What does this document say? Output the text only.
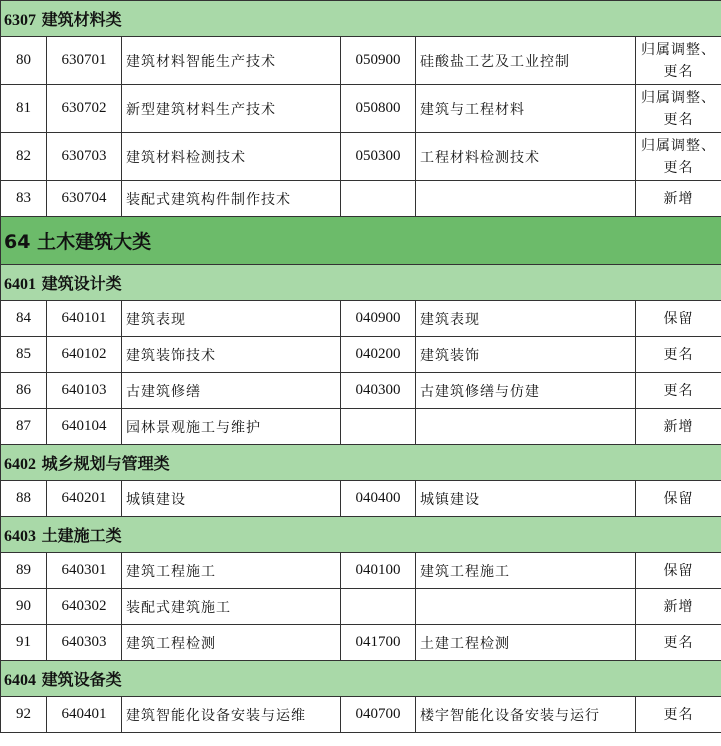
6307 建筑材料类					
80	630701	建筑材料智能生产技术	050900	硅酸盐工艺及工业控制	归属调整、更名
81	630702	新型建筑材料生产技术	050800	建筑与工程材料	归属调整、更名
82	630703	建筑材料检测技术	050300	工程材料检测技术	归属调整、更名
83	630704	装配式建筑构件制作技术			新增
64 土木建筑大类					
6401 建筑设计类					
84	640101	建筑表现	040900	建筑表现	保留
85	640102	建筑装饰技术	040200	建筑装饰	更名
86	640103	古建筑修缮	040300	古建筑修缮与仿建	更名
87	640104	园林景观施工与维护			新增
6402 城乡规划与管理类					
88	640201	城镇建设	040400	城镇建设	保留
6403 土建施工类					
89	640301	建筑工程施工	040100	建筑工程施工	保留
90	640302	装配式建筑施工			新增
91	640303	建筑工程检测	041700	土建工程检测	更名
6404 建筑设备类					
92	640401	建筑智能化设备安装与运维	040700	楼宇智能化设备安装与运行	更名
